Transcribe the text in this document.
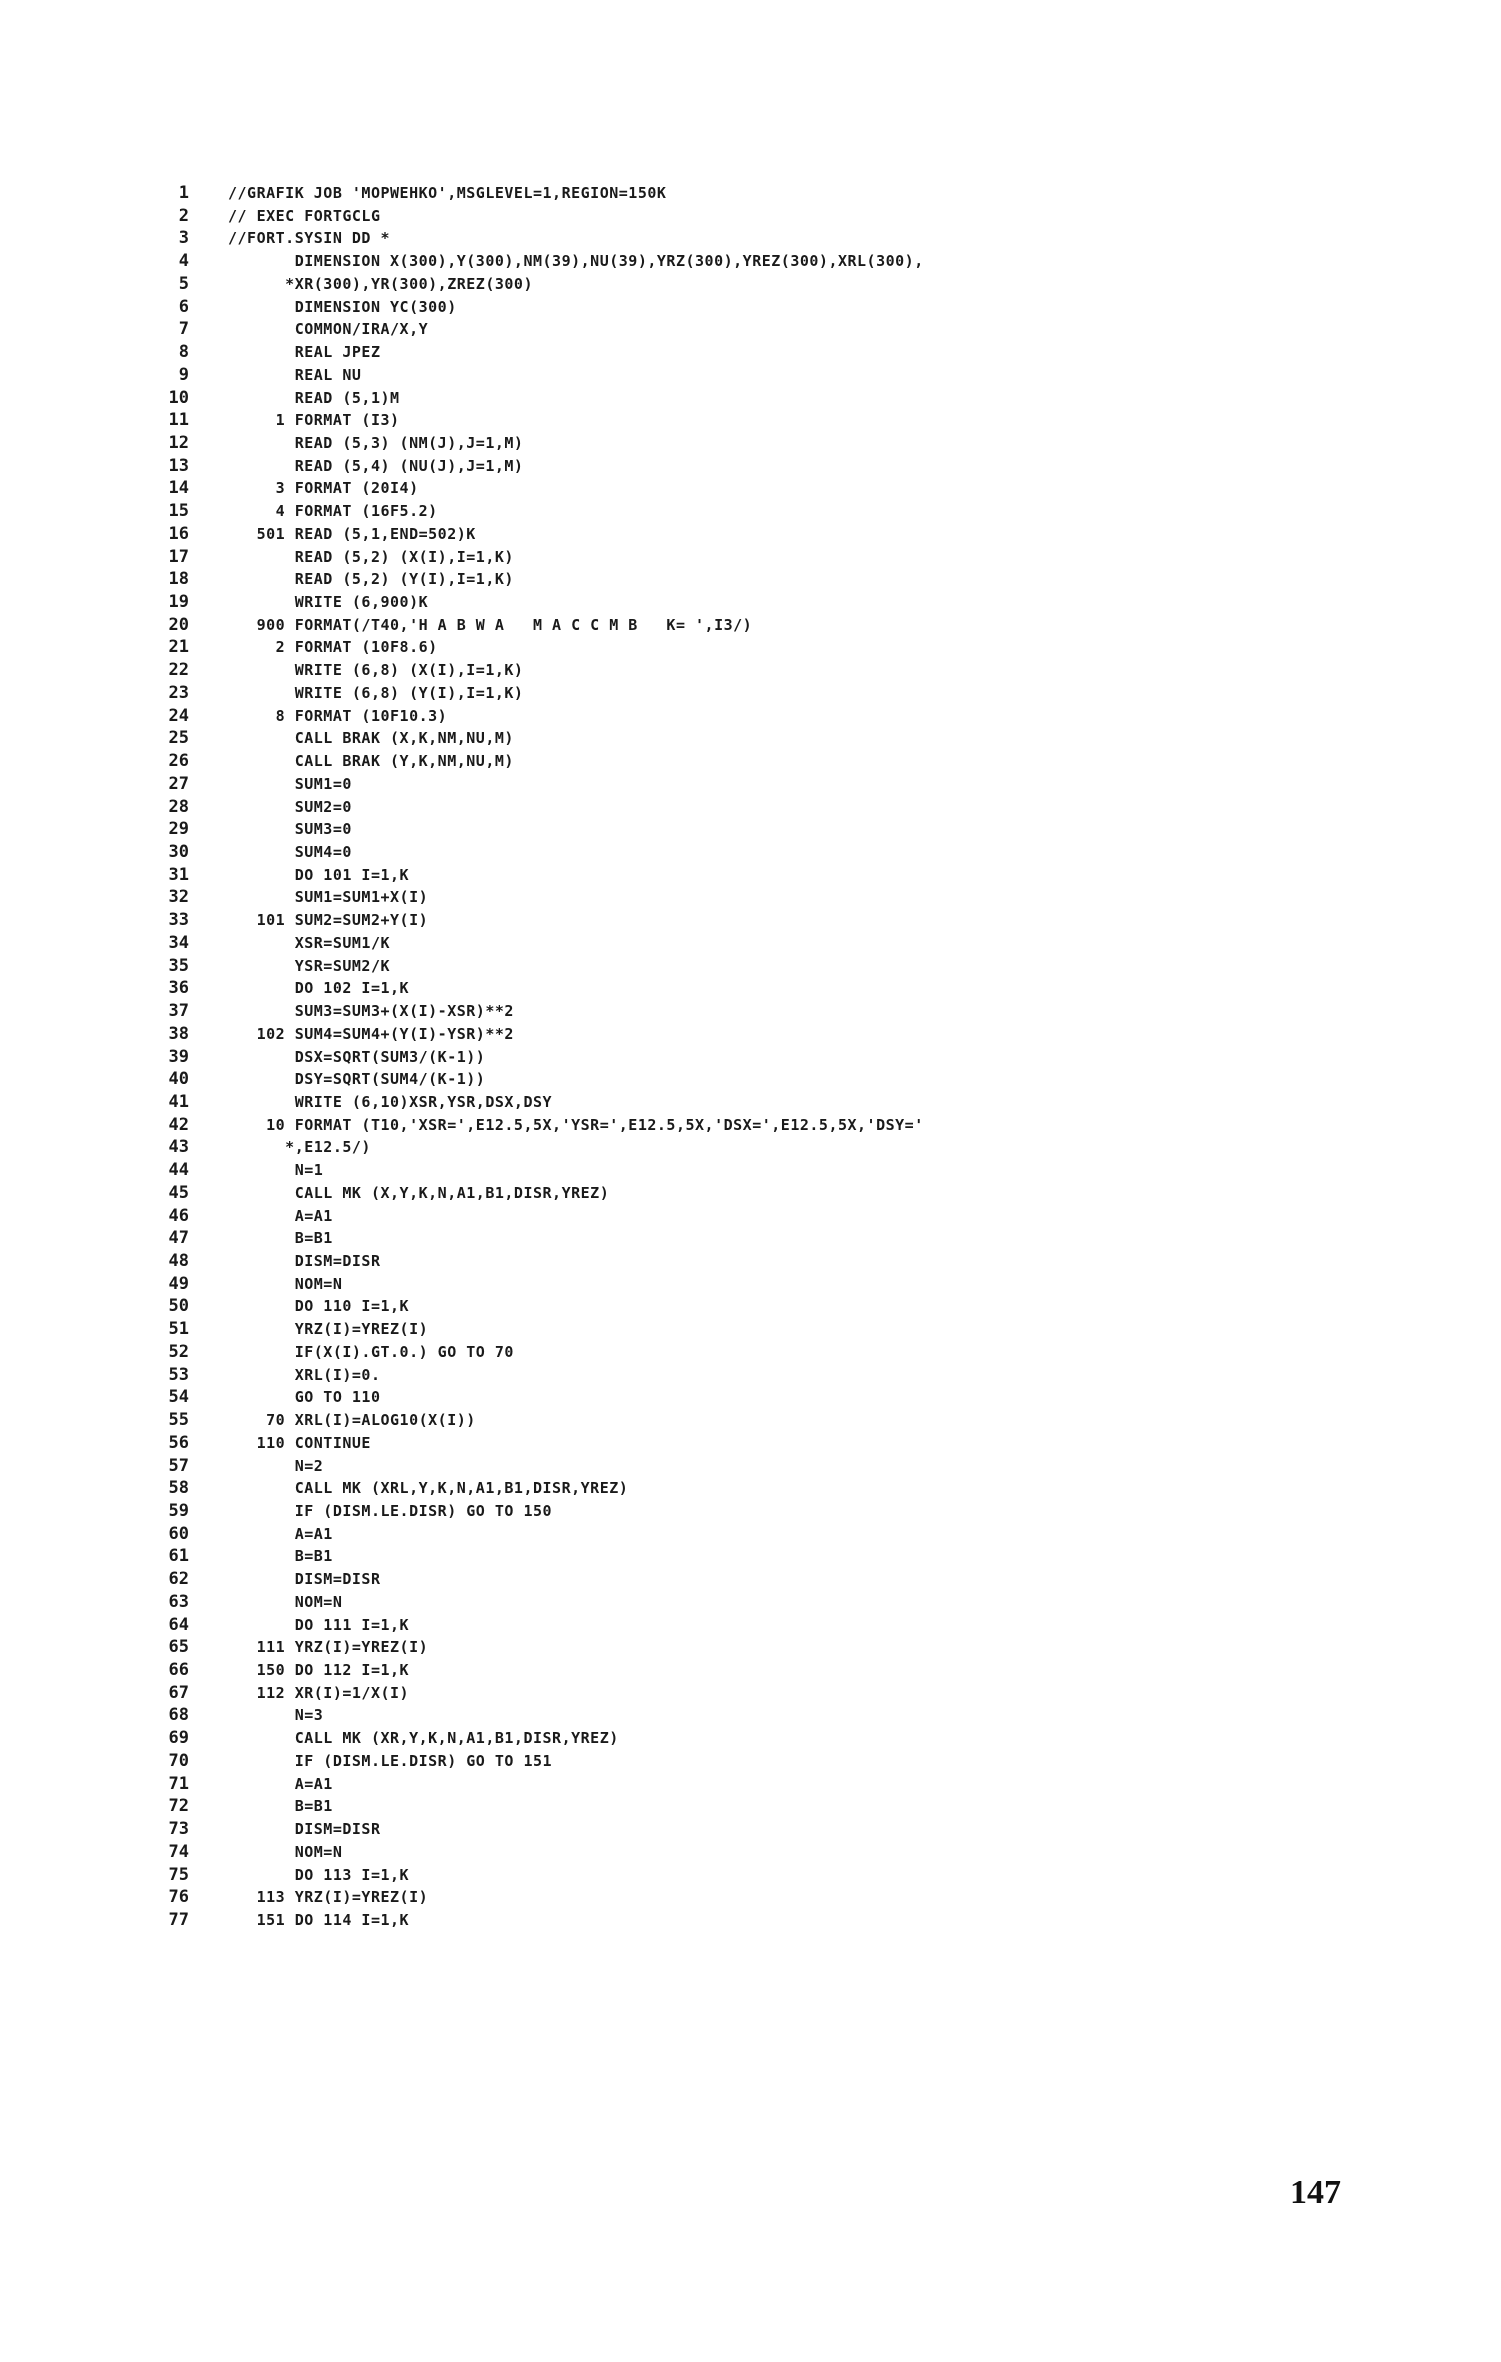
1	//GRAFIK JOB 'MOPWEHKO',MSGLEVEL=1,REGION=150K
2	// EXEC FORTGCLG
3	//FORT.SYSIN DD *
4	DIMENSION X(300),Y(300),NM(39),NU(39),YRZ(300),YREZ(300),XRL(300),
5	*XR(300),YR(300),ZREZ(300)
6	DIMENSION YC(300)
7	COMMON/IRA/X,Y
8	REAL JPEZ
9	REAL NU
10	READ (5,1)M
11	1 FORMAT (I3)
12	READ (5,3) (NM(J),J=1,M)
13	READ (5,4) (NU(J),J=1,M)
14	3 FORMAT (20I4)
15	4 FORMAT (16F5.2)
16	501 READ (5,1,END=502)K
17	READ (5,2) (X(I),I=1,K)
18	READ (5,2) (Y(I),I=1,K)
19	WRITE (6,900)K
20	900 FORMAT(/T40,'H A B W A   M A C C M B   K= ',I3/)
21	2 FORMAT (10F8.6)
22	WRITE (6,8) (X(I),I=1,K)
23	WRITE (6,8) (Y(I),I=1,K)
24	8 FORMAT (10F10.3)
25	CALL BRAK (X,K,NM,NU,M)
26	CALL BRAK (Y,K,NM,NU,M)
27	SUM1=0
28	SUM2=0
29	SUM3=0
30	SUM4=0
31	DO 101 I=1,K
32	SUM1=SUM1+X(I)
33	101 SUM2=SUM2+Y(I)
34	XSR=SUM1/K
35	YSR=SUM2/K
36	DO 102 I=1,K
37	SUM3=SUM3+(X(I)-XSR)**2
38	102 SUM4=SUM4+(Y(I)-YSR)**2
39	DSX=SQRT(SUM3/(K-1))
40	DSY=SQRT(SUM4/(K-1))
41	WRITE (6,10)XSR,YSR,DSX,DSY
42	10 FORMAT (T10,'XSR=',E12.5,5X,'YSR=',E12.5,5X,'DSX=',E12.5,5X,'DSY='
43	*,E12.5/)
44	N=1
45	CALL MK (X,Y,K,N,A1,B1,DISR,YREZ)
46	A=A1
47	B=B1
48	DISM=DISR
49	NOM=N
50	DO 110 I=1,K
51	YRZ(I)=YREZ(I)
52	IF(X(I).GT.0.) GO TO 70
53	XRL(I)=0.
54	GO TO 110
55	70 XRL(I)=ALOG10(X(I))
56	110 CONTINUE
57	N=2
58	CALL MK (XRL,Y,K,N,A1,B1,DISR,YREZ)
59	IF (DISM.LE.DISR) GO TO 150
60	A=A1
61	B=B1
62	DISM=DISR
63	NOM=N
64	DO 111 I=1,K
65	111 YRZ(I)=YREZ(I)
66	150 DO 112 I=1,K
67	112 XR(I)=1/X(I)
68	N=3
69	CALL MK (XR,Y,K,N,A1,B1,DISR,YREZ)
70	IF (DISM.LE.DISR) GO TO 151
71	A=A1
72	B=B1
73	DISM=DISR
74	NOM=N
75	DO 113 I=1,K
76	113 YRZ(I)=YREZ(I)
77	151 DO 114 I=1,K
147
